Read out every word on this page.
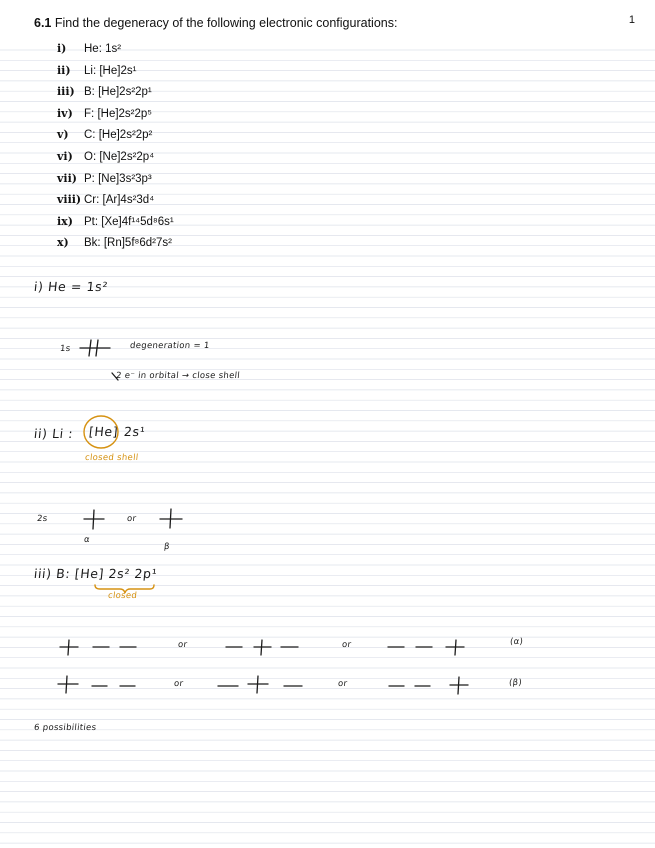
1
6.1 Find the degeneracy of the following electronic configurations:
i) He: 1s²
ii) Li: [He]2s¹
iii) B: [He]2s²2p¹
iv) F: [He]2s²2p⁵
v) C: [He]2s²2p²
vi) O: [Ne]2s²2p⁴
vii) P: [Ne]3s²3p³
viii) Cr: [Ar]4s²3d⁴
ix) Pt: [Xe]4f¹⁴5d⁸6s¹
x) Bk: [Rn]5f⁸6d²7s²
i) He = 1s²
1s	degeneration = 1
2 e⁻ in orbital → close shell
ii) Li : [He] 2s¹
closed shell
2s	or
α
β
iii) B: [He] 2s² 2p¹
closed
or	or	(α)
or	or	(β)
6 possibilities
